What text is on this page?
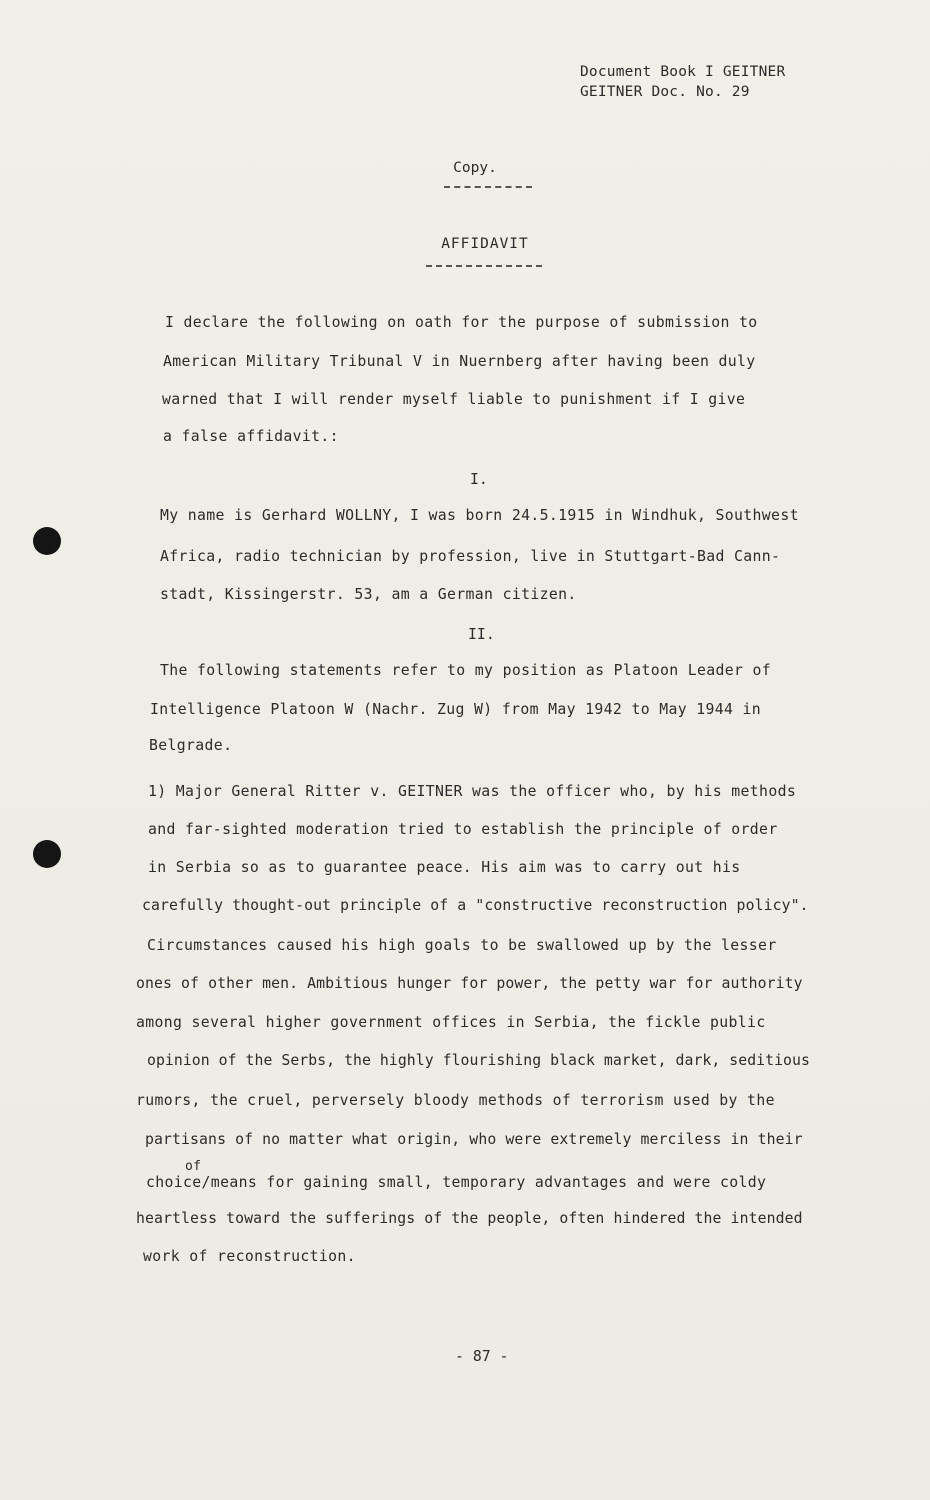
Document Book I GEITNER
GEITNER Doc. No. 29
Copy.
AFFIDAVIT
I declare the following on oath for the purpose of submission to
American Military Tribunal V in Nuernberg after having been duly
warned that I will render myself liable to punishment if I give
a false affidavit.:
I.
My name is Gerhard WOLLNY, I was born 24.5.1915 in Windhuk, Southwest
Africa, radio technician by profession, live in Stuttgart-Bad Cann-
stadt, Kissingerstr. 53, am a German citizen.
II.
The following statements refer to my position as Platoon Leader of
Intelligence Platoon W (Nachr. Zug W) from May 1942 to May 1944 in
Belgrade.
1) Major General Ritter v. GEITNER was the officer who, by his methods
and far-sighted moderation tried to establish the principle of order
in Serbia so as to guarantee peace. His aim was to carry out his
carefully thought-out principle of a "constructive reconstruction policy".
Circumstances caused his high goals to be swallowed up by the lesser
ones of other men. Ambitious hunger for power, the petty war for authority
among several higher government offices in Serbia, the fickle public
opinion of the Serbs, the highly flourishing black market, dark, seditious
rumors, the cruel, perversely bloody methods of terrorism used by the
partisans of no matter what origin, who were extremely merciless in their
of
choice/means for gaining small, temporary advantages and were coldy
heartless toward the sufferings of the people, often hindered the intended
work of reconstruction.
- 87 -
